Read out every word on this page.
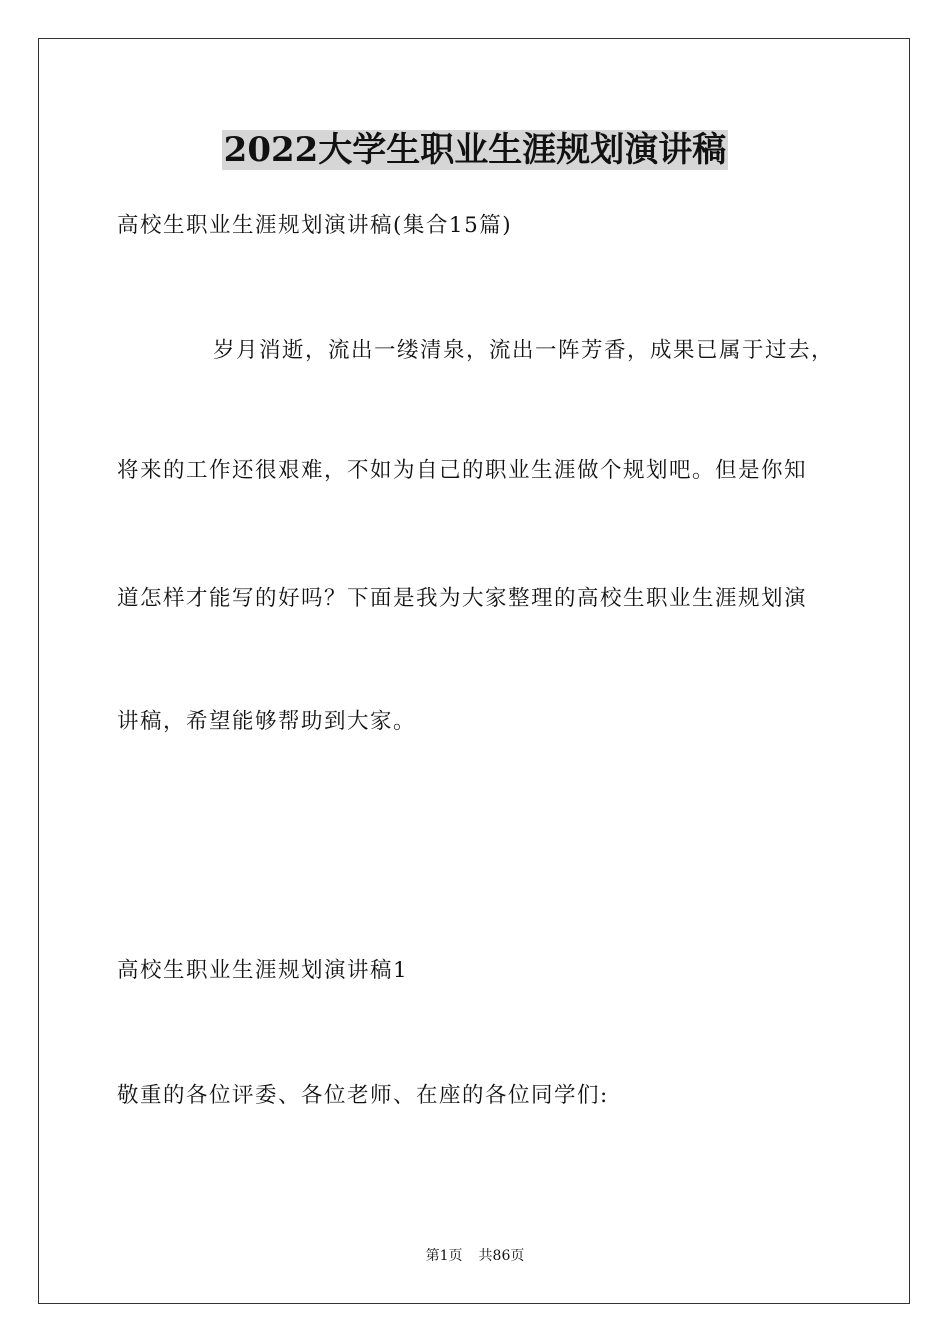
2022大学生职业生涯规划演讲稿
高校生职业生涯规划演讲稿(集合15篇)
岁月消逝，流出一缕清泉，流出一阵芳香，成果已属于过去，
将来的工作还很艰难，不如为自己的职业生涯做个规划吧。但是你知
道怎样才能写的好吗？下面是我为大家整理的高校生职业生涯规划演
讲稿，希望能够帮助到大家。
高校生职业生涯规划演讲稿1
敬重的各位评委、各位老师、在座的各位同学们:
第1页 共86页
